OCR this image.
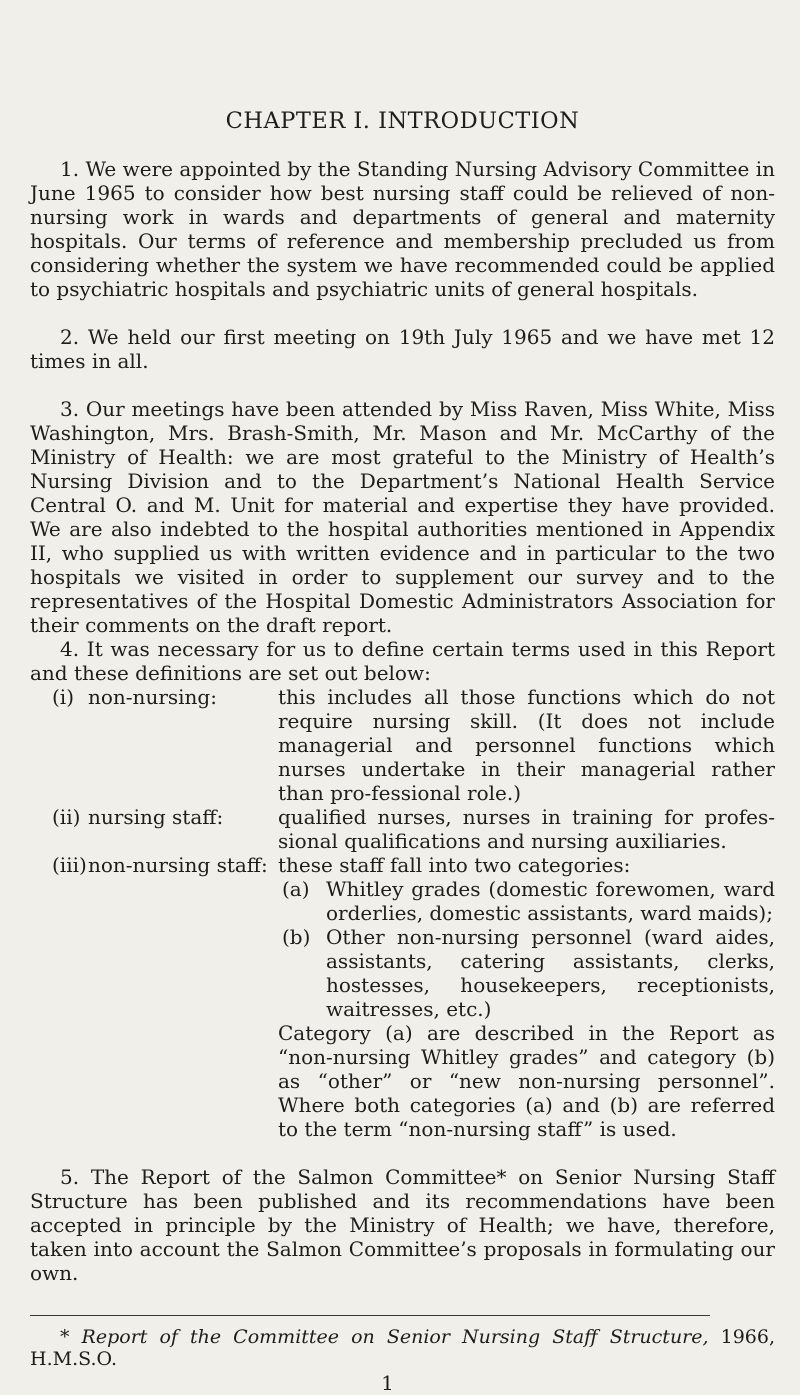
CHAPTER I. INTRODUCTION

1. We were appointed by the Standing Nursing Advisory Committee in June 1965 to consider how best nursing staff could be relieved of non-nursing work in wards and departments of general and maternity hospitals. Our terms of reference and membership precluded us from considering whether the system we have recommended could be applied to psychiatric hospitals and psychiatric units of general hospitals.

2. We held our first meeting on 19th July 1965 and we have met 12 times in all.

3. Our meetings have been attended by Miss Raven, Miss White, Miss Washington, Mrs. Brash-Smith, Mr. Mason and Mr. McCarthy of the Ministry of Health: we are most grateful to the Ministry of Health’s Nursing Division and to the Department’s National Health Service Central O. and M. Unit for material and expertise they have provided. We are also indebted to the hospital authorities mentioned in Appendix II, who supplied us with written evidence and in particular to the two hospitals we visited in order to supplement our survey and to the representatives of the Hospital Domestic Administrators Association for their comments on the draft report.

4. It was necessary for us to define certain terms used in this Report and these definitions are set out below:

(i) non-nursing:	this includes all those functions which do not require nursing skill. (It does not include managerial and personnel functions which nurses undertake in their managerial rather than pro-fessional role.)

(ii) nursing staff:	qualified nurses, nurses in training for profes-sional qualifications and nursing auxiliaries.

(iii) non-nursing staff: these staff fall into two categories:

(a) Whitley grades (domestic forewomen, ward orderlies, domestic assistants, ward maids);
(b) Other non-nursing personnel (ward aides, assistants, catering assistants, clerks, hostesses, housekeepers, receptionists, waitresses, etc.)

Category (a) are described in the Report as “non-nursing Whitley grades” and category (b) as “other” or “new non-nursing personnel”. Where both categories (a) and (b) are referred to the term “non-nursing staff” is used.

5. The Report of the Salmon Committee* on Senior Nursing Staff Structure has been published and its recommendations have been accepted in principle by the Ministry of Health; we have, therefore, taken into account the Salmon Committee’s proposals in formulating our own.

* Report of the Committee on Senior Nursing Staff Structure, 1966, H.M.S.O.

1
